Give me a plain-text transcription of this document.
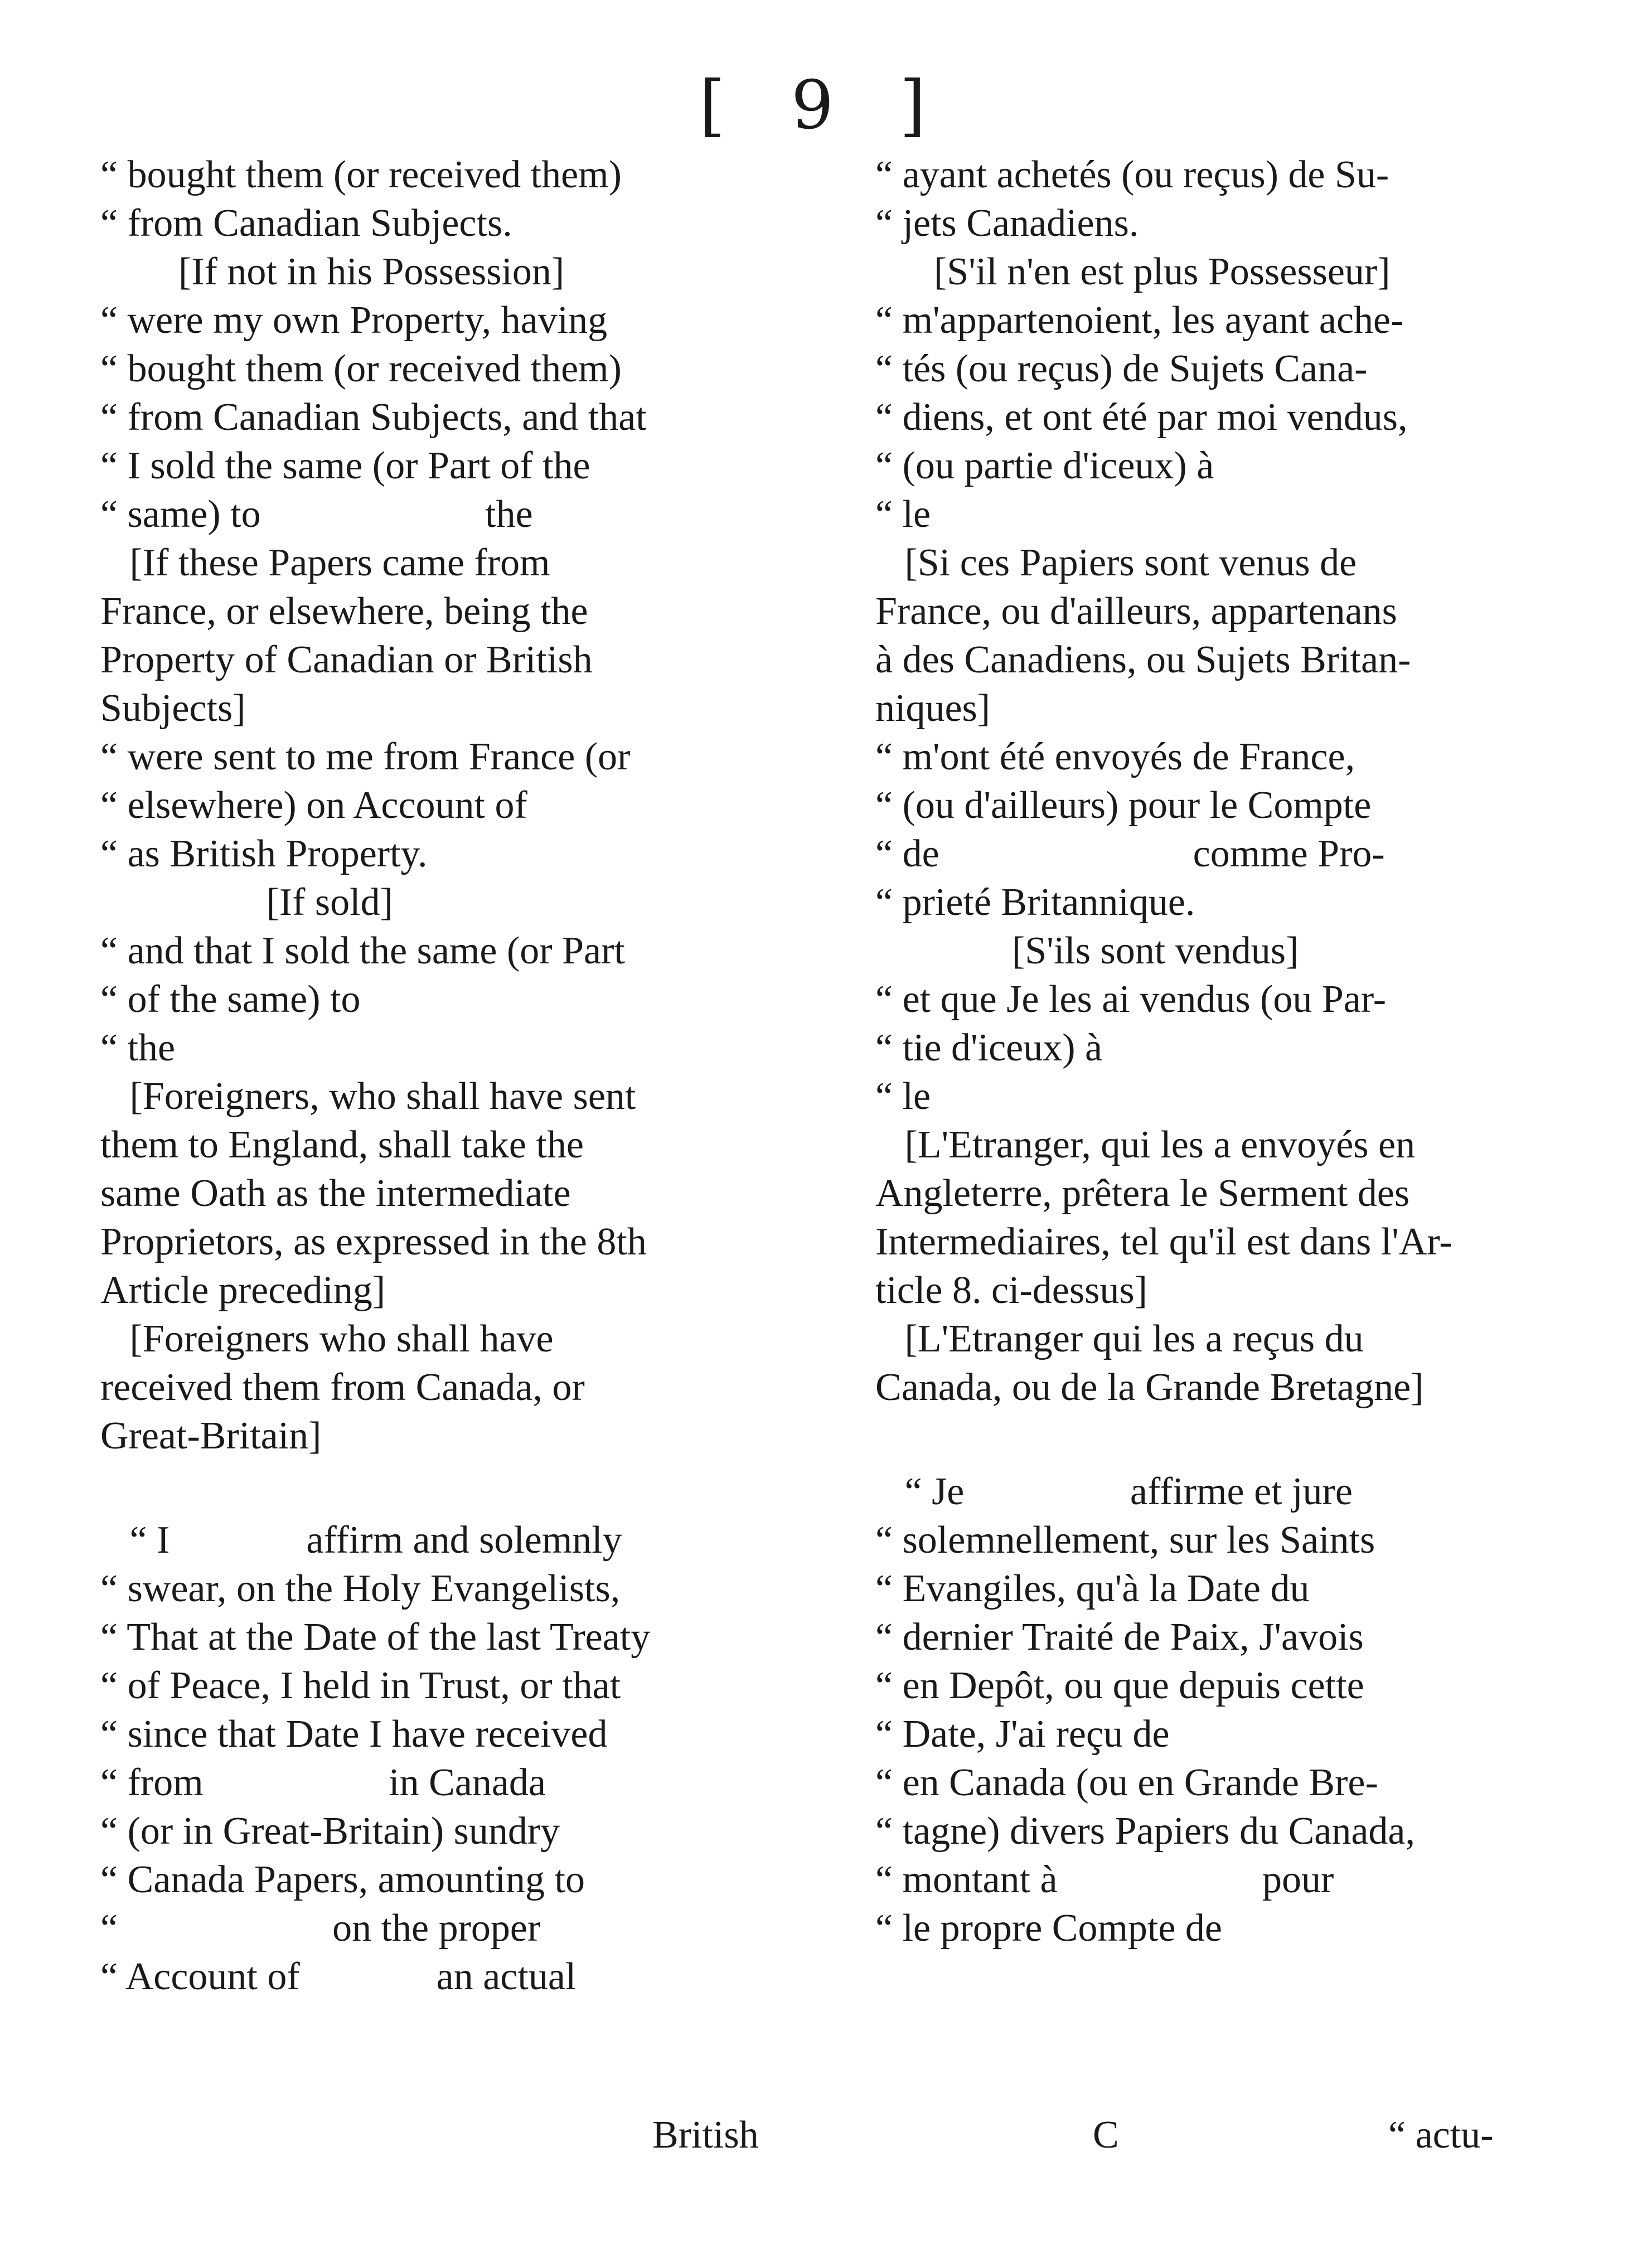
[ 9 ]
“ bought them (or received them)
“ from Canadian Subjects.
[If not in his Possession]
“ were my own Property, having
“ bought them (or received them)
“ from Canadian Subjects, and that
“ I sold the same (or Part of the
“ same) to                       the
[If these Papers came from
France, or elsewhere, being the
Property of Canadian or British
Subjects]
“ were sent to me from France (or
“ elsewhere) on Account of
“ as British Property.
[If sold]
“ and that I sold the same (or Part
“ of the same) to
“ the
[Foreigners, who shall have sent
them to England, shall take the
same Oath as the intermediate
Proprietors, as expressed in the 8th
Article preceding]
[Foreigners who shall have
received them from Canada, or
Great-Britain]
“ I              affirm and solemnly
“ swear, on the Holy Evangelists,
“ That at the Date of the last Treaty
“ of Peace, I held in Trust, or that
“ since that Date I have received
“ from                   in Canada
“ (or in Great-Britain) sundry
“ Canada Papers, amounting to
“                      on the proper
“ Account of              an actual
“ ayant achetés (ou reçus) de Su-
“ jets Canadiens.
[S'il n'en est plus Possesseur]
“ m'appartenoient, les ayant ache-
“ tés (ou reçus) de Sujets Cana-
“ diens, et ont été par moi vendus,
“ (ou partie d'iceux) à
“ le
[Si ces Papiers sont venus de
France, ou d'ailleurs, appartenans
à des Canadiens, ou Sujets Britan-
niques]
“ m'ont été envoyés de France,
“ (ou d'ailleurs) pour le Compte
“ de                          comme Pro-
“ prieté Britannique.
[S'ils sont vendus]
“ et que Je les ai vendus (ou Par-
“ tie d'iceux) à
“ le
[L'Etranger, qui les a envoyés en
Angleterre, prêtera le Serment des
Intermediaires, tel qu'il est dans l'Ar-
ticle 8. ci-dessus]
[L'Etranger qui les a reçus du
Canada, ou de la Grande Bretagne]
“ Je                 affirme et jure
“ solemnellement, sur les Saints
“ Evangiles, qu'à la Date du
“ dernier Traité de Paix, J'avois
“ en Depôt, ou que depuis cette
“ Date, J'ai reçu de
“ en Canada (ou en Grande Bre-
“ tagne) divers Papiers du Canada,
“ montant à                     pour
“ le propre Compte de
British	C	“ actu-
